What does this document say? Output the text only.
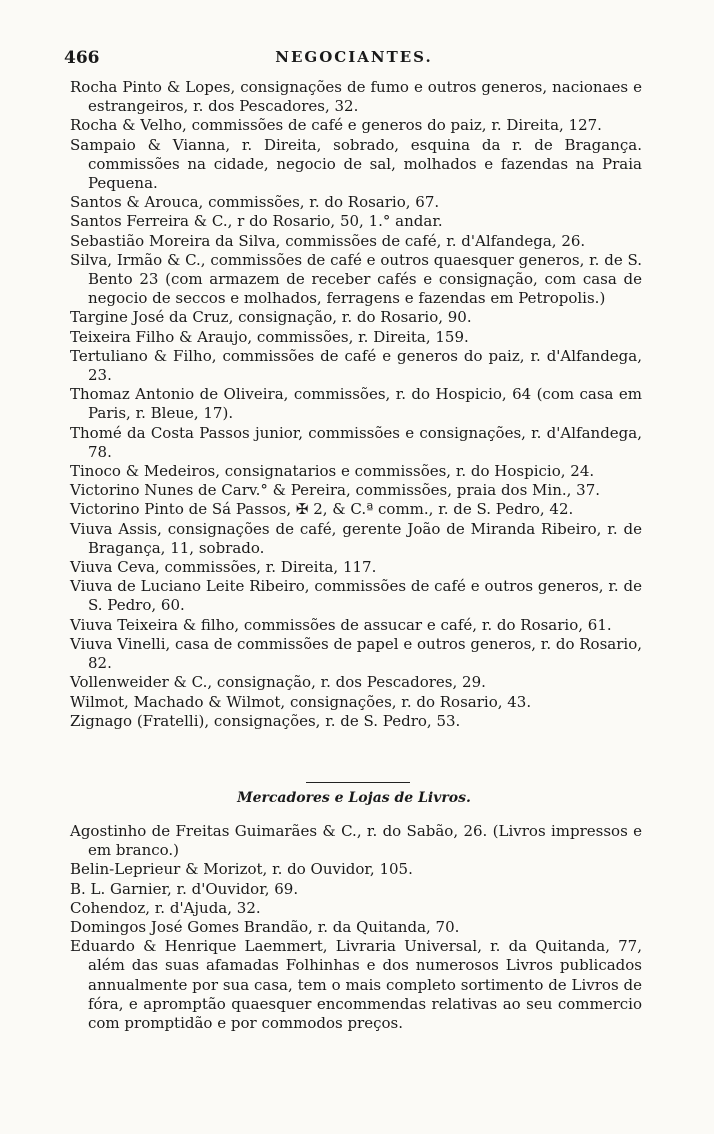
466	NEGOCIANTES.

Rocha Pinto & Lopes, consignações de fumo e outros generos, nacionaes e estrangeiros, r. dos Pescadores, 32.

Rocha & Velho, commissões de café e generos do paiz, r. Direita, 127.

Sampaio & Vianna, r. Direita, sobrado, esquina da r. de Bragança. commissões na cidade, negocio de sal, molhados e fazendas na Praia Pequena.

Santos & Arouca, commissões, r. do Rosario, 67.

Santos Ferreira & C., r do Rosario, 50, 1.° andar.

Sebastião Moreira da Silva, commissões de café, r. d'Alfandega, 26.

Silva, Irmão & C., commissões de café e outros quaesquer generos, r. de S. Bento 23 (com armazem de receber cafés e consignação, com casa de negocio de seccos e molhados, ferragens e fazendas em Petropolis.)

Targine José da Cruz, consignação, r. do Rosario, 90.

Teixeira Filho & Araujo, commissões, r. Direita, 159.

Tertuliano & Filho, commissões de café e generos do paiz, r. d'Alfandega, 23.

Thomaz Antonio de Oliveira, commissões, r. do Hospicio, 64 (com casa em Paris, r. Bleue, 17).

Thomé da Costa Passos junior, commissões e consignações, r. d'Alfandega, 78.

Tinoco & Medeiros, consignatarios e commissões, r. do Hospicio, 24.

Victorino Nunes de Carv.° & Pereira, commissões, praia dos Min., 37.

Victorino Pinto de Sá Passos, ✠ 2, & C.ª comm., r. de S. Pedro, 42.

Viuva Assis, consignações de café, gerente João de Miranda Ribeiro, r. de Bragança, 11, sobrado.

Viuva Ceva, commissões, r. Direita, 117.

Viuva de Luciano Leite Ribeiro, commissões de café e outros generos, r. de S. Pedro, 60.

Viuva Teixeira & filho, commissões de assucar e café, r. do Rosario, 61.

Viuva Vinelli, casa de commissões de papel e outros generos, r. do Rosario, 82.

Vollenweider & C., consignação, r. dos Pescadores, 29.

Wilmot, Machado & Wilmot, consignações, r. do Rosario, 43.

Zignago (Fratelli), consignações, r. de S. Pedro, 53.

Mercadores e Lojas de Livros.

Agostinho de Freitas Guimarães & C., r. do Sabão, 26. (Livros impressos e em branco.)

Belin-Leprieur & Morizot, r. do Ouvidor, 105.

B. L. Garnier, r. d'Ouvidor, 69.

Cohendoz, r. d'Ajuda, 32.

Domingos José Gomes Brandão, r. da Quitanda, 70.

Eduardo & Henrique Laemmert, Livraria Universal, r. da Quitanda, 77, além das suas afamadas Folhinhas e dos numerosos Livros publicados annualmente por sua casa, tem o mais completo sortimento de Livros de fóra, e apromptão quaesquer encommendas relativas ao seu commercio com promptidão e por commodos preços.
